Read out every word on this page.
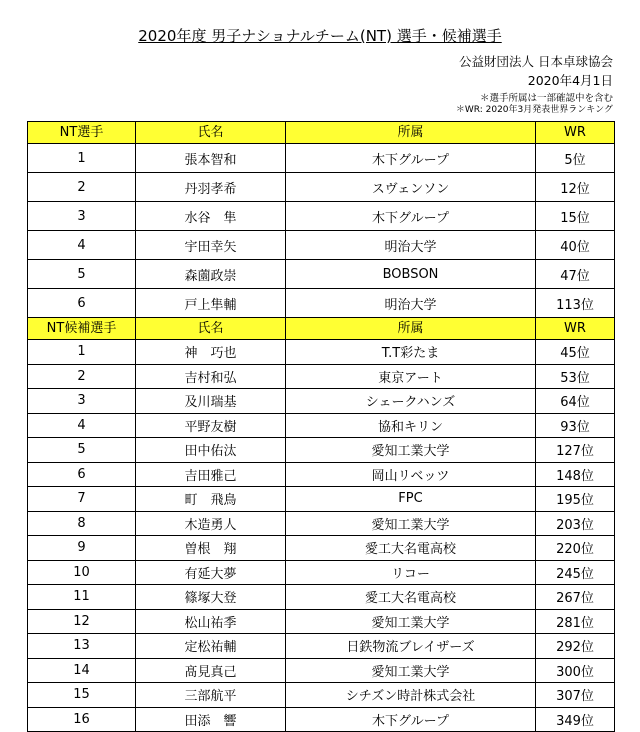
2020年度 男子ナショナルチーム(NT) 選手・候補選手
公益財団法人 日本卓球協会
2020年4月1日
＊選手所属は一部確認中を含む
＊WR: 2020年3月発表世界ランキング
NT選手	氏名	所属	WR
1	張本智和	木下グループ	5位
2	丹羽孝希	スヴェンソン	12位
3	水谷　隼	木下グループ	15位
4	宇田幸矢	明治大学	40位
5	森薗政崇	BOBSON	47位
6	戸上隼輔	明治大学	113位
NT候補選手	氏名	所属	WR
1	神　巧也	T.T彩たま	45位
2	吉村和弘	東京アート	53位
3	及川瑞基	シェークハンズ	64位
4	平野友樹	協和キリン	93位
5	田中佑汰	愛知工業大学	127位
6	吉田雅己	岡山リベッツ	148位
7	町　飛鳥	FPC	195位
8	木造勇人	愛知工業大学	203位
9	曽根　翔	愛工大名電高校	220位
10	有延大夢	リコー	245位
11	篠塚大登	愛工大名電高校	267位
12	松山祐季	愛知工業大学	281位
13	定松祐輔	日鉄物流ブレイザーズ	292位
14	髙見真己	愛知工業大学	300位
15	三部航平	シチズン時計株式会社	307位
16	田添　響	木下グループ	349位
